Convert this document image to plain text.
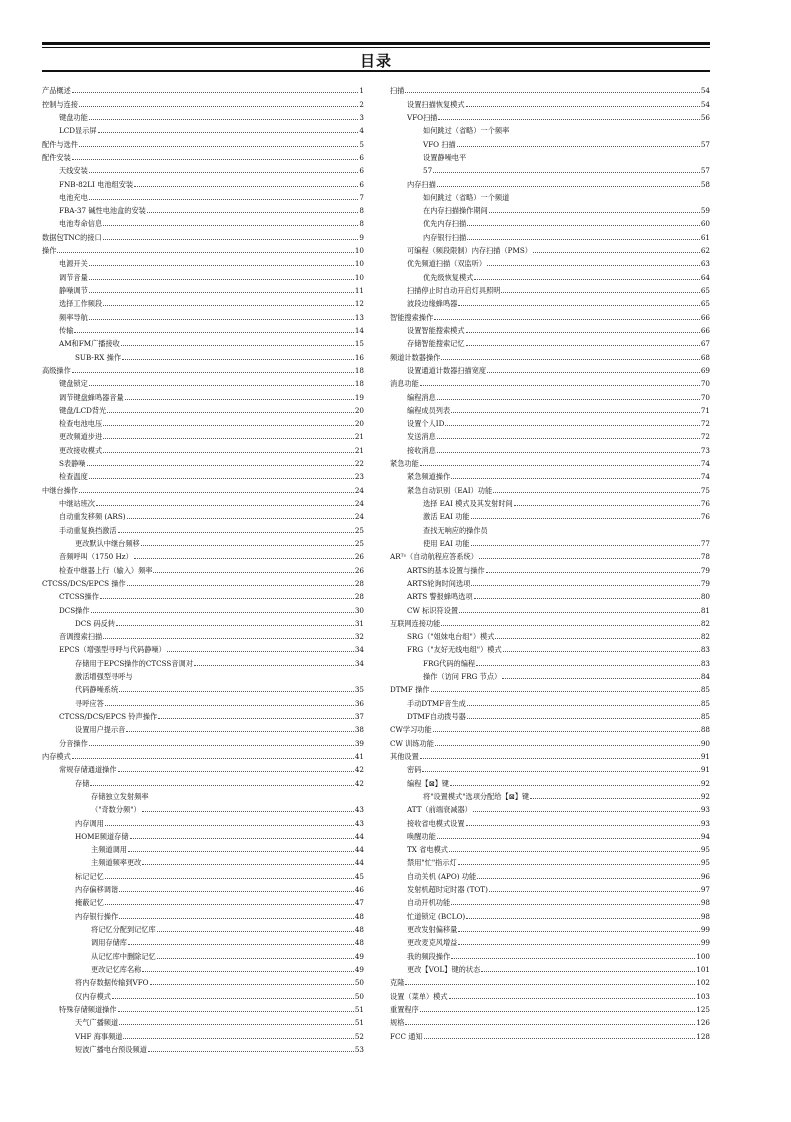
目录
产品概述	1
控制与连接	2
键盘功能	3
LCD显示屏	4
配件与选件	5
配件安装	6
天线安装	6
FNB-82LI 电池组安装	6
电池充电	7
FBA-37 碱性电池盒的安装	8
电池寿命信息	8
数据包TNC的接口	9
操作	10
电源开关	10
调节音量	10
静噪调节	11
选择工作频段	12
频率导航	13
传输	14
AM和FM广播接收	15
SUB-RX 操作	16
高级操作	18
键盘锁定	18
调节键盘蜂鸣器音量	19
键盘/LCD背光	20
检查电池电压	20
更改频道步进	21
更改接收模式	21
S表静噪	22
检查温度	23
中继台操作	24
中继站班次	24
自动重发移频 (ARS)	24
手动重复换挡激活	25
更改默认中继台频移	25
音频呼叫（1750 Hz）	26
检查中继器上行（输入）频率	26
CTCSS/DCS/EPCS 操作	28
CTCSS操作	28
DCS操作	30
DCS 码反转	31
音调搜索扫描	32
EPCS（增强型寻呼与代码静噪）	34
存储用于EPCS操作的CTCSS音调对	34
激活增强型寻呼与
代码静噪系统	35
寻呼应答	36
CTCSS/DCS/EPCS 铃声操作	37
设置用户提示音	38
分音操作	39
内存模式	41
常规存储通道操作	42
存储	42
存储独立发射频率
（"奇数分频"）	43
内存调用	43
HOME频道存储	44
主频道调用	44
主频道频率更改	44
标记记忆	45
内存偏移调谐	46
掩蔽记忆	47
内存银行操作	48
将记忆分配到记忆库	48
调用存储库	48
从记忆库中删除记忆	49
更改记忆库名称	49
将内存数据传输到VFO	50
仅内存模式	50
特殊存储频道操作	51
天气广播频道	51
VHF 海事频道	52
短波广播电台预设频道	53
扫描	54
设置扫描恢复模式	54
VFO扫描	56
如何跳过（省略）一个频率
VFO 扫描	57
设置静噪电平
57	57
内存扫描	58
如何跳过（省略）一个频道
在内存扫描操作期间	59
优先内存扫描	60
内存银行扫描	61
可编程（频段限制）内存扫描（PMS）	62
优先频道扫描（双监听）	63
优先级恢复模式	64
扫描停止时自动开启灯具照明	65
波段边缘蜂鸣器	65
智能搜索操作	66
设置智能搜索模式	66
存储智能搜索记忆	67
频道计数器操作	68
设置通道计数器扫描宽度	69
消息功能	70
编程消息	70
编程成员列表	71
设置个人ID	72
发送消息	72
接收消息	73
紧急功能	74
紧急频道操作	74
紧急自动识别（EAI）功能	75
选择 EAI 模式及其发射时间	76
激活 EAI 功能	76
查找无响应的操作员
使用 EAI 功能	77
ARᵀˢ（自动航程应答系统）	78
ARTS的基本设置与操作	79
ARTS轮询时间选项	79
ARTS 警报蜂鸣选项	80
CW 标识符设置	81
互联网连接功能	82
SRG（"姐妹电台组"）模式	82
FRG（"友好无线电组"）模式	83
FRG代码的编程	83
操作（访问 FRG 节点）	84
DTMF 操作	85
手动DTMF音生成	85
DTMF自动拨号器	85
CW学习功能	88
CW 训练功能	90
其他设置	91
密码	91
编程【⊠】键	92
将"设置模式"选项分配给【⊠】键	92
ATT（前端衰减器）	93
接收省电模式设置	93
唤醒功能	94
TX 省电模式	95
禁用"忙"指示灯	95
自动关机 (APO) 功能	96
发射机超时定时器 (TOT)	97
自动开机功能	98
忙道锁定 (BCLO)	98
更改发射偏移量	99
更改麦克风增益	99
我的频段操作	100
更改【VOL】键的状态	101
克隆	102
设置（菜单）模式	103
重置程序	125
规格	126
FCC 通知	128
